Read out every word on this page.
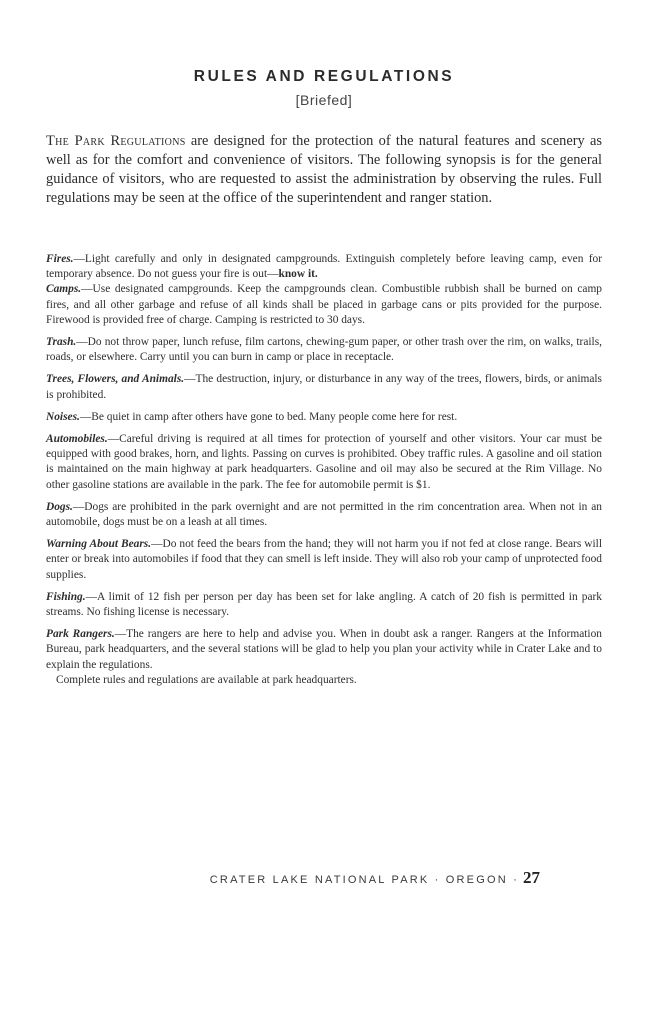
RULES AND REGULATIONS
[Briefed]
The Park Regulations are designed for the protection of the natural features and scenery as well as for the comfort and convenience of visitors. The following synopsis is for the general guidance of visitors, who are requested to assist the administration by observing the rules. Full regulations may be seen at the office of the superintendent and ranger station.

Fires.—Light carefully and only in designated campgrounds. Extinguish completely before leaving camp, even for temporary absence. Do not guess your fire is out—know it.

Camps.—Use designated campgrounds. Keep the campgrounds clean. Combustible rubbish shall be burned on camp fires, and all other garbage and refuse of all kinds shall be placed in garbage cans or pits provided for the purpose. Firewood is provided free of charge. Camping is restricted to 30 days.

Trash.—Do not throw paper, lunch refuse, film cartons, chewing-gum paper, or other trash over the rim, on walks, trails, roads, or elsewhere. Carry until you can burn in camp or place in receptacle.

Trees, Flowers, and Animals.—The destruction, injury, or disturbance in any way of the trees, flowers, birds, or animals is prohibited.

Noises.—Be quiet in camp after others have gone to bed. Many people come here for rest.

Automobiles.—Careful driving is required at all times for protection of yourself and other visitors. Your car must be equipped with good brakes, horn, and lights. Passing on curves is prohibited. Obey traffic rules. A gasoline and oil station is maintained on the main highway at park headquarters. Gasoline and oil may also be secured at the Rim Village. No other gasoline stations are available in the park. The fee for automobile permit is $1.

Dogs.—Dogs are prohibited in the park overnight and are not permitted in the rim concentration area. When not in an automobile, dogs must be on a leash at all times.

Warning About Bears.—Do not feed the bears from the hand; they will not harm you if not fed at close range. Bears will enter or break into automobiles if food that they can smell is left inside. They will also rob your camp of unprotected food supplies.

Fishing.—A limit of 12 fish per person per day has been set for lake angling. A catch of 20 fish is permitted in park streams. No fishing license is necessary.

Park Rangers.—The rangers are here to help and advise you. When in doubt ask a ranger. Rangers at the Information Bureau, park headquarters, and the several stations will be glad to help you plan your activity while in Crater Lake and to explain the regulations.

Complete rules and regulations are available at park headquarters.

CRATER LAKE NATIONAL PARK · OREGON · 27
